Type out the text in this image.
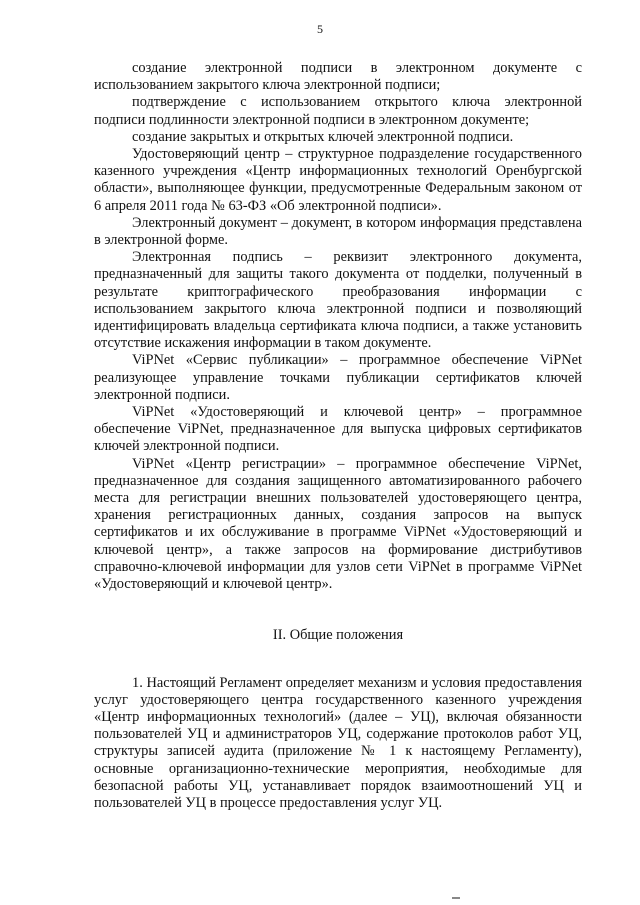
5

создание электронной подписи в электронном документе с использованием закрытого ключа электронной подписи;

подтверждение с использованием открытого ключа электронной подписи подлинности электронной подписи в электронном документе;

создание закрытых и открытых ключей электронной подписи.

Удостоверяющий центр – структурное подразделение государственного казенного учреждения «Центр информационных технологий Оренбургской области», выполняющее функции, предусмотренные Федеральным законом от 6 апреля 2011 года № 63-ФЗ «Об электронной подписи».

Электронный документ – документ, в котором информация представлена в электронной форме.

Электронная подпись – реквизит электронного документа, предназначенный для защиты такого документа от подделки, полученный в результате криптографического преобразования информации с использованием закрытого ключа электронной подписи и позволяющий идентифицировать владельца сертификата ключа подписи, а также установить отсутствие искажения информации в таком документе.

ViPNet «Сервис публикации» – программное обеспечение ViPNet реализующее управление точками публикации сертификатов ключей электронной подписи.

ViPNet «Удостоверяющий и ключевой центр» – программное обеспечение ViPNet, предназначенное для выпуска цифровых сертификатов ключей электронной подписи.

ViPNet «Центр регистрации» – программное обеспечение ViPNet, предназначенное для создания защищенного автоматизированного рабочего места для регистрации внешних пользователей удостоверяющего центра, хранения регистрационных данных, создания запросов на выпуск сертификатов и их обслуживание в программе ViPNet «Удостоверяющий и ключевой центр», а также запросов на формирование дистрибутивов справочно-ключевой информации для узлов сети ViPNet в программе ViPNet «Удостоверяющий и ключевой центр».

II. Общие положения

1. Настоящий Регламент определяет механизм и условия предоставления услуг удостоверяющего центра государственного казенного учреждения «Центр информационных технологий» (далее – УЦ), включая обязанности пользователей УЦ и администраторов УЦ, содержание протоколов работ УЦ, структуры записей аудита (приложение № 1 к настоящему Регламенту), основные организационно-технические мероприятия, необходимые для безопасной работы УЦ, устанавливает порядок взаимоотношений УЦ и пользователей УЦ в процессе предоставления услуг УЦ.
